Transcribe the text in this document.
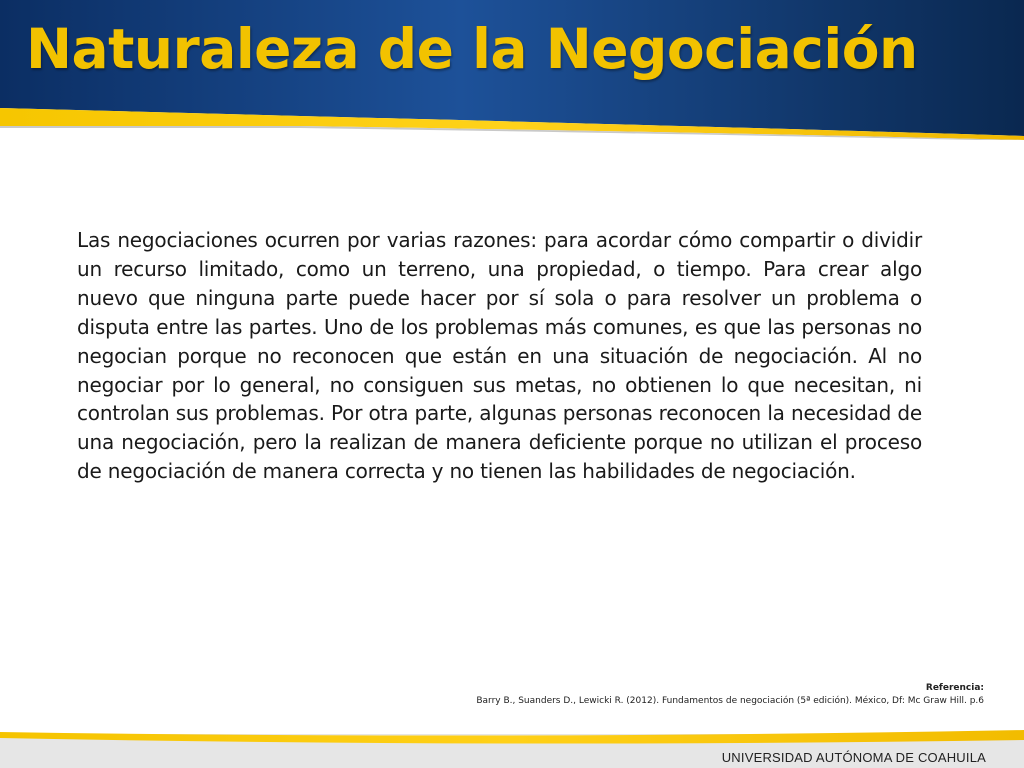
Naturaleza de la Negociación

Las negociaciones ocurren por varias razones: para acordar cómo compartir o dividir un recurso limitado, como un terreno, una propiedad, o tiempo. Para crear algo nuevo que ninguna parte puede hacer por sí sola o para resolver un problema o disputa entre las partes. Uno de los problemas más comunes, es que las personas no negocian porque no reconocen que están en una situación de negociación. Al no negociar por lo general, no consiguen sus metas, no obtienen lo que necesitan, ni controlan sus problemas. Por otra parte, algunas personas reconocen la necesidad de una negociación, pero la realizan de manera deficiente porque no utilizan el proceso de negociación de manera correcta y no tienen las habilidades de negociación.

Referencia:
Barry B., Suanders D., Lewicki R. (2012). Fundamentos de negociación (5ª edición). México, Df: Mc Graw Hill. p.6
UNIVERSIDAD AUTÓNOMA DE COAHUILA
